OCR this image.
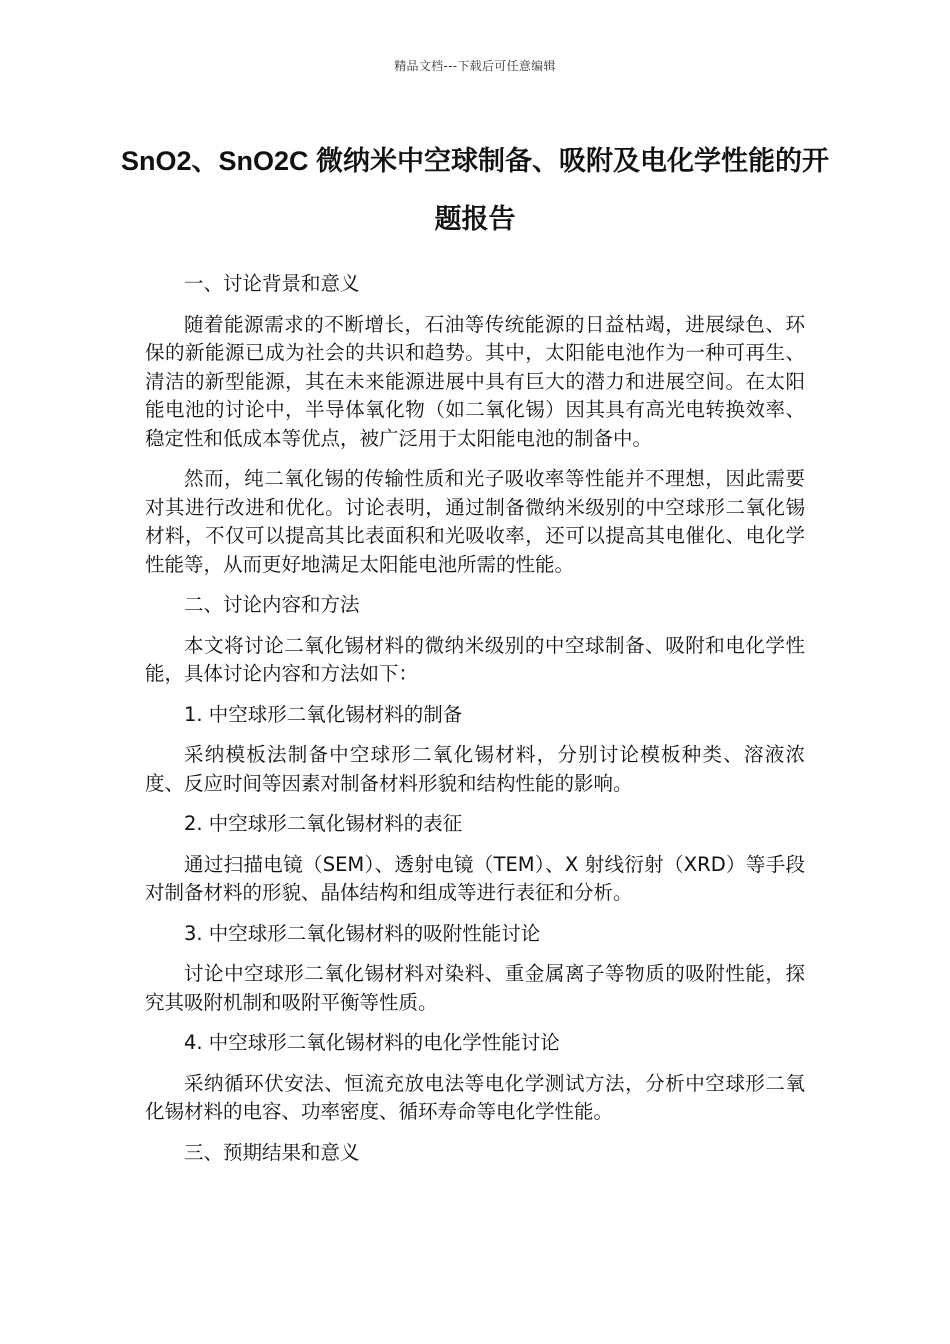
精品文档---下载后可任意编辑
SnO2、SnO2C 微纳米中空球制备、吸附及电化学性能的开题报告
一、讨论背景和意义
随着能源需求的不断增长，石油等传统能源的日益枯竭，进展绿色、环保的新能源已成为社会的共识和趋势。其中，太阳能电池作为一种可再生、清洁的新型能源，其在未来能源进展中具有巨大的潜力和进展空间。在太阳能电池的讨论中，半导体氧化物（如二氧化锡）因其具有高光电转换效率、稳定性和低成本等优点，被广泛用于太阳能电池的制备中。
然而，纯二氧化锡的传输性质和光子吸收率等性能并不理想，因此需要对其进行改进和优化。讨论表明，通过制备微纳米级别的中空球形二氧化锡材料，不仅可以提高其比表面积和光吸收率，还可以提高其电催化、电化学性能等，从而更好地满足太阳能电池所需的性能。
二、讨论内容和方法
本文将讨论二氧化锡材料的微纳米级别的中空球制备、吸附和电化学性能，具体讨论内容和方法如下：
1. 中空球形二氧化锡材料的制备
采纳模板法制备中空球形二氧化锡材料，分别讨论模板种类、溶液浓度、反应时间等因素对制备材料形貌和结构性能的影响。
2. 中空球形二氧化锡材料的表征
通过扫描电镜（SEM）、透射电镜（TEM）、X 射线衍射（XRD）等手段对制备材料的形貌、晶体结构和组成等进行表征和分析。
3. 中空球形二氧化锡材料的吸附性能讨论
讨论中空球形二氧化锡材料对染料、重金属离子等物质的吸附性能，探究其吸附机制和吸附平衡等性质。
4. 中空球形二氧化锡材料的电化学性能讨论
采纳循环伏安法、恒流充放电法等电化学测试方法，分析中空球形二氧化锡材料的电容、功率密度、循环寿命等电化学性能。
三、预期结果和意义
